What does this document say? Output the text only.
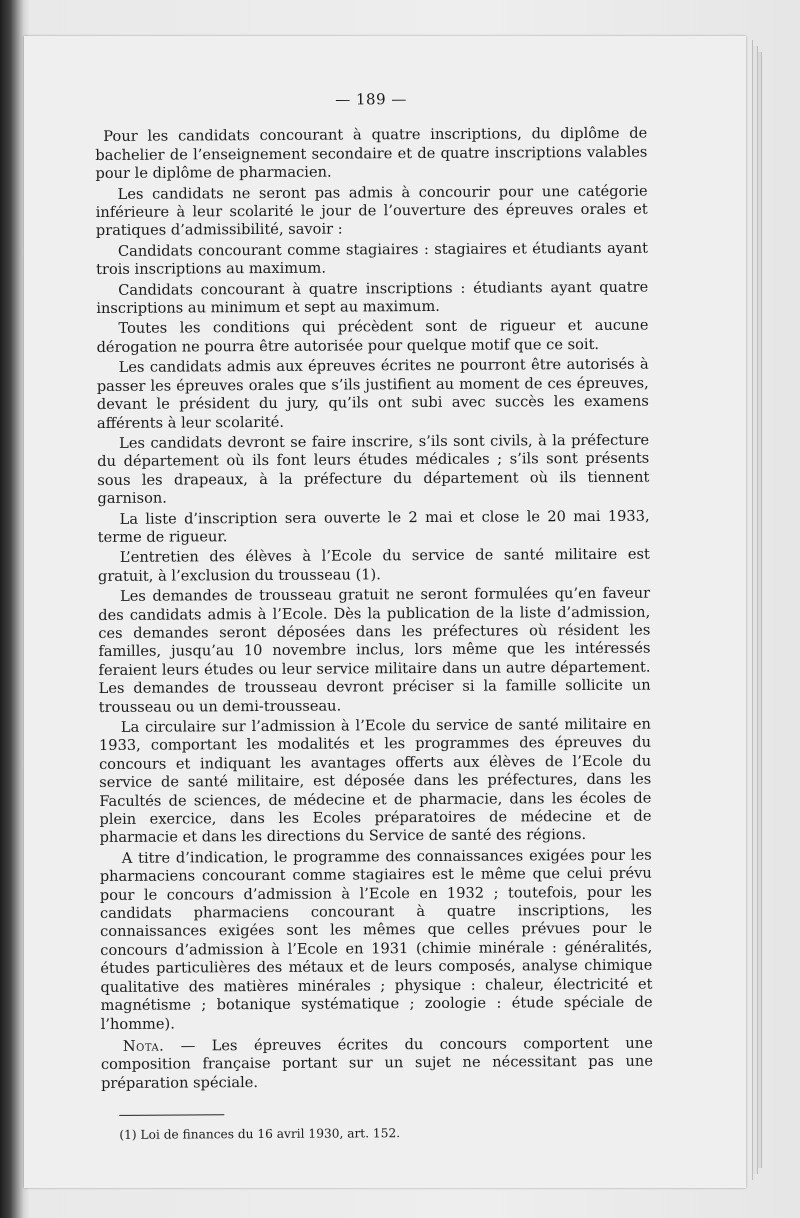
— 189 —

Pour les candidats concourant à quatre inscriptions, du diplôme de bachelier de l’enseignement secondaire et de quatre inscriptions valables pour le diplôme de pharmacien.

Les candidats ne seront pas admis à concourir pour une catégorie inférieure à leur scolarité le jour de l’ouverture des épreuves orales et pratiques d’admissibilité, savoir :

Candidats concourant comme stagiaires : stagiaires et étudiants ayant trois inscriptions au maximum.

Candidats concourant à quatre inscriptions : étudiants ayant quatre inscriptions au minimum et sept au maximum.

Toutes les conditions qui précèdent sont de rigueur et aucune dérogation ne pourra être autorisée pour quelque motif que ce soit.

Les candidats admis aux épreuves écrites ne pourront être autorisés à passer les épreuves orales que s’ils justifient au moment de ces épreuves, devant le président du jury, qu’ils ont subi avec succès les examens afférents à leur scolarité.

Les candidats devront se faire inscrire, s’ils sont civils, à la préfecture du département où ils font leurs études médicales ; s’ils sont présents sous les drapeaux, à la préfecture du département où ils tiennent garnison.

La liste d’inscription sera ouverte le 2 mai et close le 20 mai 1933, terme de rigueur.

L’entretien des élèves à l’Ecole du service de santé militaire est gratuit, à l’exclusion du trousseau (1).

Les demandes de trousseau gratuit ne seront formulées qu’en faveur des candidats admis à l’Ecole. Dès la publication de la liste d’admission, ces demandes seront déposées dans les préfectures où résident les familles, jusqu’au 10 novembre inclus, lors même que les intéressés feraient leurs études ou leur service militaire dans un autre département. Les demandes de trousseau devront préciser si la famille sollicite un trousseau ou un demi-trousseau.

La circulaire sur l’admission à l’Ecole du service de santé militaire en 1933, comportant les modalités et les programmes des épreuves du concours et indiquant les avantages offerts aux élèves de l’Ecole du service de santé militaire, est déposée dans les préfectures, dans les Facultés de sciences, de médecine et de pharmacie, dans les écoles de plein exercice, dans les Ecoles préparatoires de médecine et de pharmacie et dans les directions du Service de santé des régions.

A titre d’indication, le programme des connaissances exigées pour les pharmaciens concourant comme stagiaires est le même que celui prévu pour le concours d’admission à l’Ecole en 1932 ; toutefois, pour les candidats pharmaciens concourant à quatre inscriptions, les connaissances exigées sont les mêmes que celles prévues pour le concours d’admission à l’Ecole en 1931 (chimie minérale : généralités, études particulières des métaux et de leurs composés, analyse chimique qualitative des matières minérales ; physique : chaleur, électricité et magnétisme ; botanique systématique ; zoologie : étude spéciale de l’homme).

Nota. — Les épreuves écrites du concours comportent une composition française portant sur un sujet ne nécessitant pas une préparation spéciale.

(1) Loi de finances du 16 avril 1930, art. 152.
